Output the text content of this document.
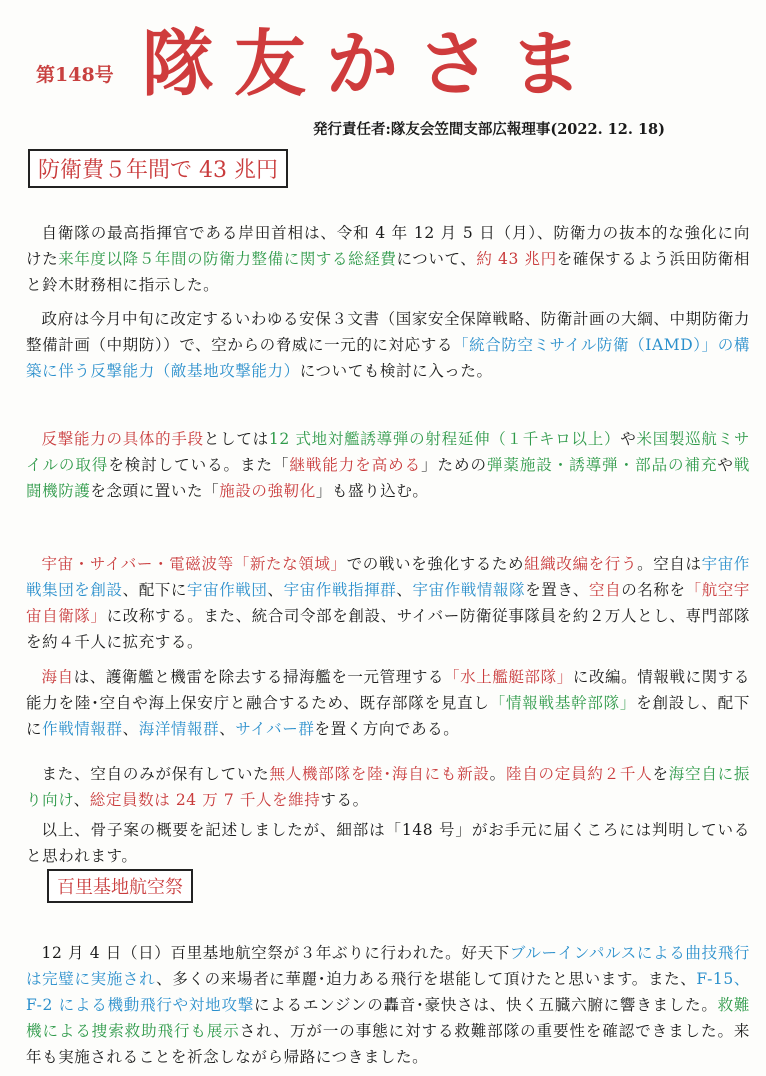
第148号 隊友かさま
発行責任者:隊友会笠間支部広報理事(2022. 12. 18)
防衛費５年間で 43 兆円

自衛隊の最高指揮官である岸田首相は、令和 4 年 12 月 5 日（月）、防衛力の抜本的な強化に向けた来年度以降５年間の防衛力整備に関する総経費について、約 43 兆円を確保するよう浜田防衛相と鈴木財務相に指示した。

政府は今月中旬に改定するいわゆる安保３文書（国家安全保障戦略、防衛計画の大綱、中期防衛力整備計画（中期防））で、空からの脅威に一元的に対応する「統合防空ミサイル防衛（IAMD）」の構築に伴う反撃能力（敵基地攻撃能力）についても検討に入った。

反撃能力の具体的手段としては12 式地対艦誘導弾の射程延伸（１千キロ以上）や米国製巡航ミサイルの取得を検討している。また「継戦能力を高める」ための弾薬施設・誘導弾・部品の補充や戦闘機防護を念頭に置いた「施設の強靭化」も盛り込む。

宇宙・サイバー・電磁波等「新たな領域」での戦いを強化するため組織改編を行う。空自は宇宙作戦集団を創設、配下に宇宙作戦団、宇宙作戦指揮群、宇宙作戦情報隊を置き、空自の名称を「航空宇宙自衛隊」に改称する。また、統合司令部を創設、サイバー防衛従事隊員を約２万人とし、専門部隊を約４千人に拡充する。

海自は、護衛艦と機雷を除去する掃海艦を一元管理する「水上艦艇部隊」に改編。情報戦に関する能力を陸･空自や海上保安庁と融合するため、既存部隊を見直し「情報戦基幹部隊」を創設し、配下に作戦情報群、海洋情報群、サイバー群を置く方向である。

また、空自のみが保有していた無人機部隊を陸･海自にも新設。陸自の定員約２千人を海空自に振り向け、総定員数は 24 万 7 千人を維持する。

以上、骨子案の概要を記述しましたが、細部は「148 号」がお手元に届くころには判明していると思われます。

百里基地航空祭

12 月 4 日（日）百里基地航空祭が３年ぶりに行われた。好天下ブルーインパルスによる曲技飛行は完璧に実施され、多くの来場者に華麗･迫力ある飛行を堪能して頂けたと思います。また、F-15、F-2 による機動飛行や対地攻撃によるエンジンの轟音･豪快さは、快く五臓六腑に響きました。救難機による捜索救助飛行も展示され、万が一の事態に対する救難部隊の重要性を確認できました。来年も実施されることを祈念しながら帰路につきました。
